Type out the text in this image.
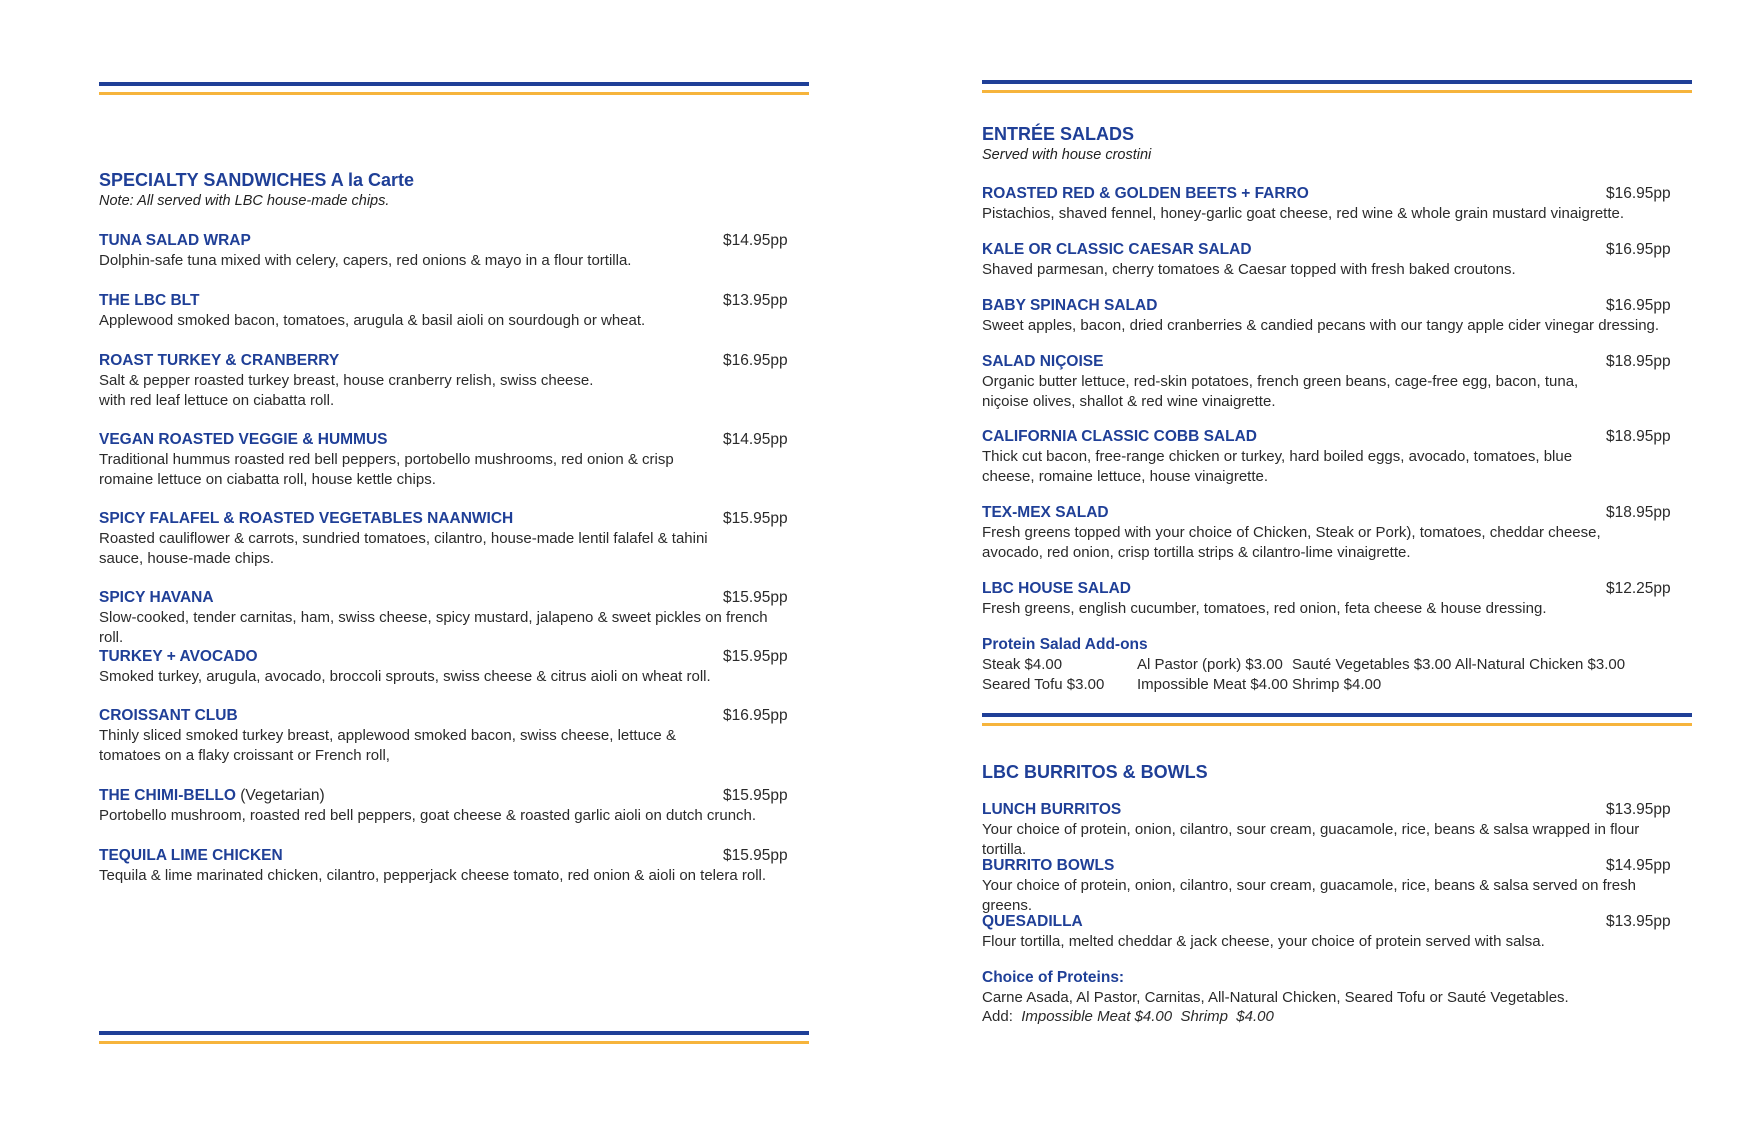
SPECIALTY SANDWICHES A la Carte
Note: All served with LBC house-made chips.
TUNA SALAD WRAP	$14.95pp
Dolphin-safe tuna mixed with celery, capers, red onions & mayo in a flour tortilla.
THE LBC BLT	$13.95pp
Applewood smoked bacon, tomatoes, arugula & basil aioli on sourdough or wheat.
ROAST TURKEY & CRANBERRY	$16.95pp
Salt & pepper roasted turkey breast, house cranberry relish, swiss cheese.
with red leaf lettuce on ciabatta roll.
VEGAN ROASTED VEGGIE & HUMMUS	$14.95pp
Traditional hummus roasted red bell peppers, portobello mushrooms, red onion & crisp romaine lettuce on ciabatta roll, house kettle chips.
SPICY FALAFEL & ROASTED VEGETABLES NAANWICH	$15.95pp
Roasted cauliflower & carrots, sundried tomatoes, cilantro, house-made lentil falafel & tahini sauce, house-made chips.
SPICY HAVANA	$15.95pp
Slow-cooked, tender carnitas, ham, swiss cheese, spicy mustard, jalapeno & sweet pickles on french roll.
TURKEY + AVOCADO	$15.95pp
Smoked turkey, arugula, avocado, broccoli sprouts, swiss cheese & citrus aioli on wheat roll.
CROISSANT CLUB	$16.95pp
Thinly sliced smoked turkey breast, applewood smoked bacon, swiss cheese, lettuce & tomatoes on a flaky croissant or French roll,
THE CHIMI-BELLO (Vegetarian)	$15.95pp
Portobello mushroom, roasted red bell peppers, goat cheese & roasted garlic aioli on dutch crunch.
TEQUILA LIME CHICKEN	$15.95pp
Tequila & lime marinated chicken, cilantro, pepperjack cheese tomato, red onion & aioli on telera roll.
ENTRÉE SALADS
Served with house crostini
ROASTED RED & GOLDEN BEETS + FARRO	$16.95pp
Pistachios, shaved fennel, honey-garlic goat cheese, red wine & whole grain mustard vinaigrette.
KALE OR CLASSIC CAESAR SALAD	$16.95pp
Shaved parmesan, cherry tomatoes & Caesar topped with fresh baked croutons.
BABY SPINACH SALAD	$16.95pp
Sweet apples, bacon, dried cranberries & candied pecans with our tangy apple cider vinegar dressing.
SALAD NIÇOISE	$18.95pp
Organic butter lettuce, red-skin potatoes, french green beans, cage-free egg, bacon, tuna, niçoise olives, shallot & red wine vinaigrette.
CALIFORNIA CLASSIC COBB SALAD	$18.95pp
Thick cut bacon, free-range chicken or turkey, hard boiled eggs, avocado, tomatoes, blue cheese, romaine lettuce, house vinaigrette.
TEX-MEX SALAD	$18.95pp
Fresh greens topped with your choice of Chicken, Steak or Pork), tomatoes, cheddar cheese, avocado, red onion, crisp tortilla strips & cilantro-lime vinaigrette.
LBC HOUSE SALAD	$12.25pp
Fresh greens, english cucumber, tomatoes, red onion, feta cheese & house dressing.
Protein Salad Add-ons
Steak $4.00	Al Pastor (pork) $3.00 Sauté Vegetables $3.00 All-Natural Chicken $3.00
Seared Tofu $3.00 Impossible Meat $4.00 Shrimp $4.00
LBC BURRITOS & BOWLS
LUNCH BURRITOS	$13.95pp
Your choice of protein, onion, cilantro, sour cream, guacamole, rice, beans & salsa wrapped in flour tortilla.
BURRITO BOWLS	$14.95pp
Your choice of protein, onion, cilantro, sour cream, guacamole, rice, beans & salsa served on fresh greens.
QUESADILLA	$13.95pp
Flour tortilla, melted cheddar & jack cheese, your choice of protein served with salsa.
Choice of Proteins:
Carne Asada, Al Pastor, Carnitas, All-Natural Chicken, Seared Tofu or Sauté Vegetables.
Add: Impossible Meat $4.00  Shrimp  $4.00
